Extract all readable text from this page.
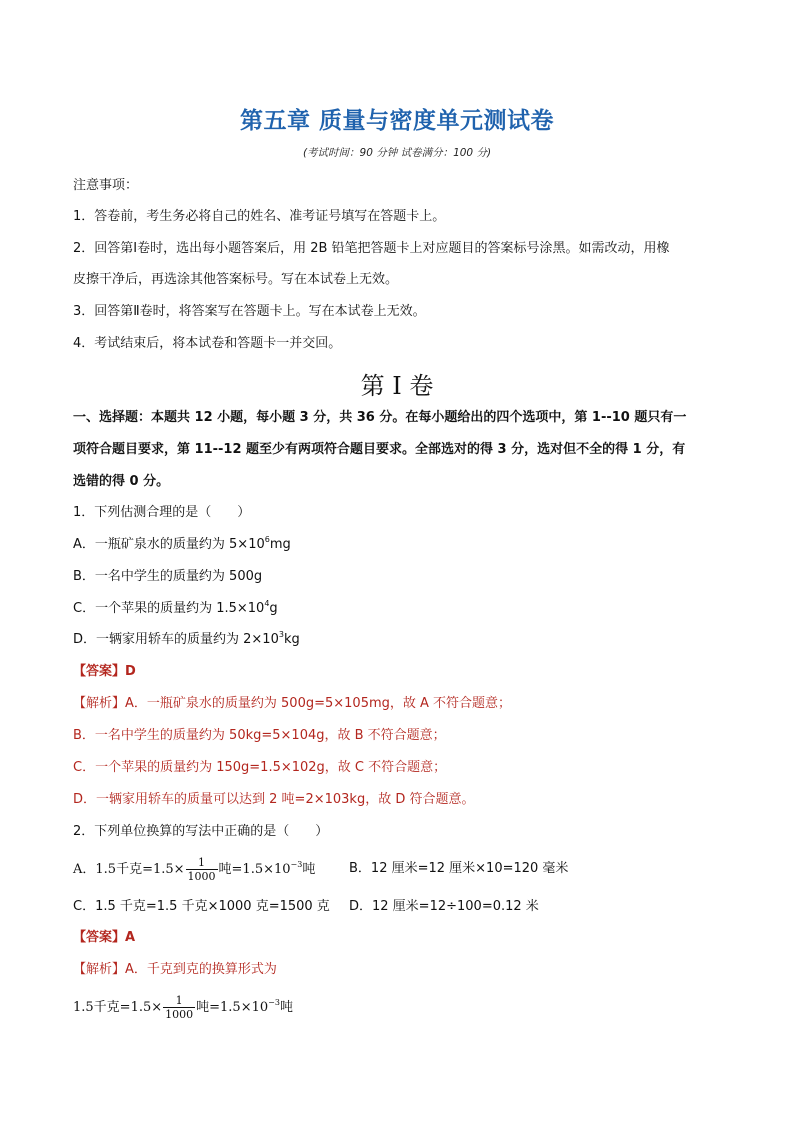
第五章 质量与密度单元测试卷
(考试时间：90 分钟 试卷满分：100 分)
注意事项：
1．答卷前，考生务必将自己的姓名、准考证号填写在答题卡上。
2．回答第Ⅰ卷时，选出每小题答案后，用 2B 铅笔把答题卡上对应题目的答案标号涂黑。如需改动，用橡
皮擦干净后，再选涂其他答案标号。写在本试卷上无效。
3．回答第Ⅱ卷时，将答案写在答题卡上。写在本试卷上无效。
4．考试结束后，将本试卷和答题卡一并交回。
第 I 卷
一、选择题：本题共 12 小题，每小题 3 分，共 36 分。在每小题给出的四个选项中，第 1--10 题只有一
项符合题目要求，第 11--12 题至少有两项符合题目要求。全部选对的得 3 分，选对但不全的得 1 分，有
选错的得 0 分。
1．下列估测合理的是（　　）
A．一瓶矿泉水的质量约为 $5\times 10^6mg$
B．一名中学生的质量约为 500g
C．一个苹果的质量约为 $1.5\times 10^4g$
D．一辆家用轿车的质量约为 $2\times 10^3kg$
【答案】D
【解析】A．一瓶矿泉水的质量约为 500g=5×105mg，故 A 不符合题意；
B．一名中学生的质量约为 50kg=5×104g，故 B 不符合题意；
C．一个苹果的质量约为 150g=1.5×102g，故 C 不符合题意；
D．一辆家用轿车的质量可以达到 2 吨=2×103kg，故 D 符合题意。
2．下列单位换算的写法中正确的是（　　）
A．1.5千克$=1.5\times \frac{1}{1000}$ 吨$=1.5\times 10^{-3}$吨	B．12 厘米=12 厘米×10=120 毫米
C．1.5 千克=1.5 千克×1000 克=1500 克 D．12 厘米=12÷100=0.12 米
【答案】A
【解析】A．千克到克的换算形式为
1.5千克$=1.5\times \frac{1}{1000}$ 吨$=1.5\times 10^{-3}$吨
